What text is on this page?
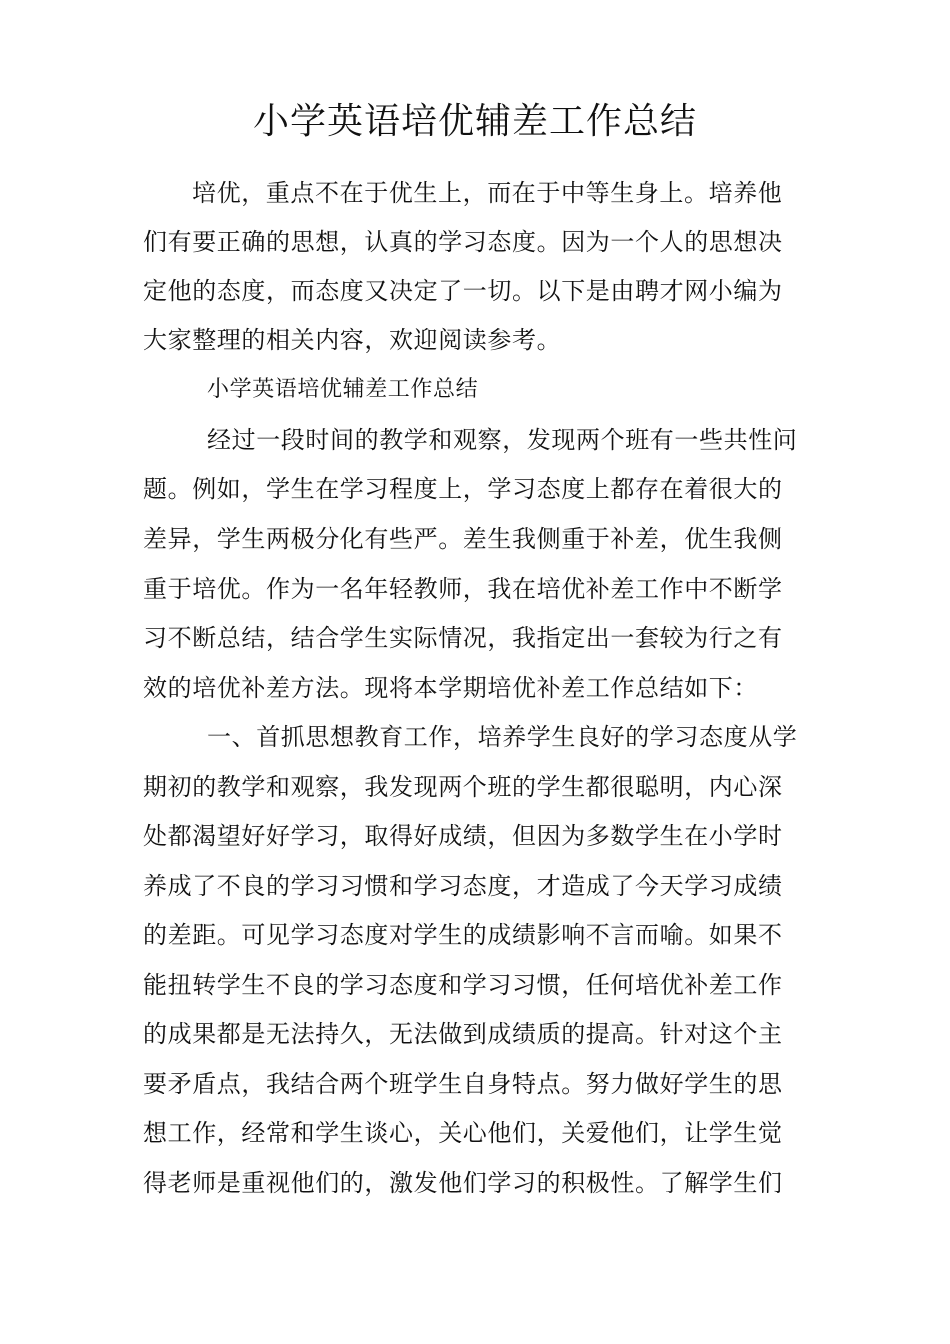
小学英语培优辅差工作总结
培优，重点不在于优生上，而在于中等生身上。培养他
们有要正确的思想，认真的学习态度。因为一个人的思想决
定他的态度，而态度又决定了一切。以下是由聘才网小编为
大家整理的相关内容，欢迎阅读参考。
小学英语培优辅差工作总结
经过一段时间的教学和观察，发现两个班有一些共性问
题。例如，学生在学习程度上，学习态度上都存在着很大的
差异，学生两极分化有些严。差生我侧重于补差，优生我侧
重于培优。作为一名年轻教师，我在培优补差工作中不断学
习不断总结，结合学生实际情况，我指定出一套较为行之有
效的培优补差方法。现将本学期培优补差工作总结如下：
一、首抓思想教育工作，培养学生良好的学习态度从学
期初的教学和观察，我发现两个班的学生都很聪明，内心深
处都渴望好好学习，取得好成绩，但因为多数学生在小学时
养成了不良的学习习惯和学习态度，才造成了今天学习成绩
的差距。可见学习态度对学生的成绩影响不言而喻。如果不
能扭转学生不良的学习态度和学习习惯，任何培优补差工作
的成果都是无法持久，无法做到成绩质的提高。针对这个主
要矛盾点，我结合两个班学生自身特点。努力做好学生的思
想工作，经常和学生谈心，关心他们，关爱他们，让学生觉
得老师是重视他们的，激发他们学习的积极性。了解学生们
